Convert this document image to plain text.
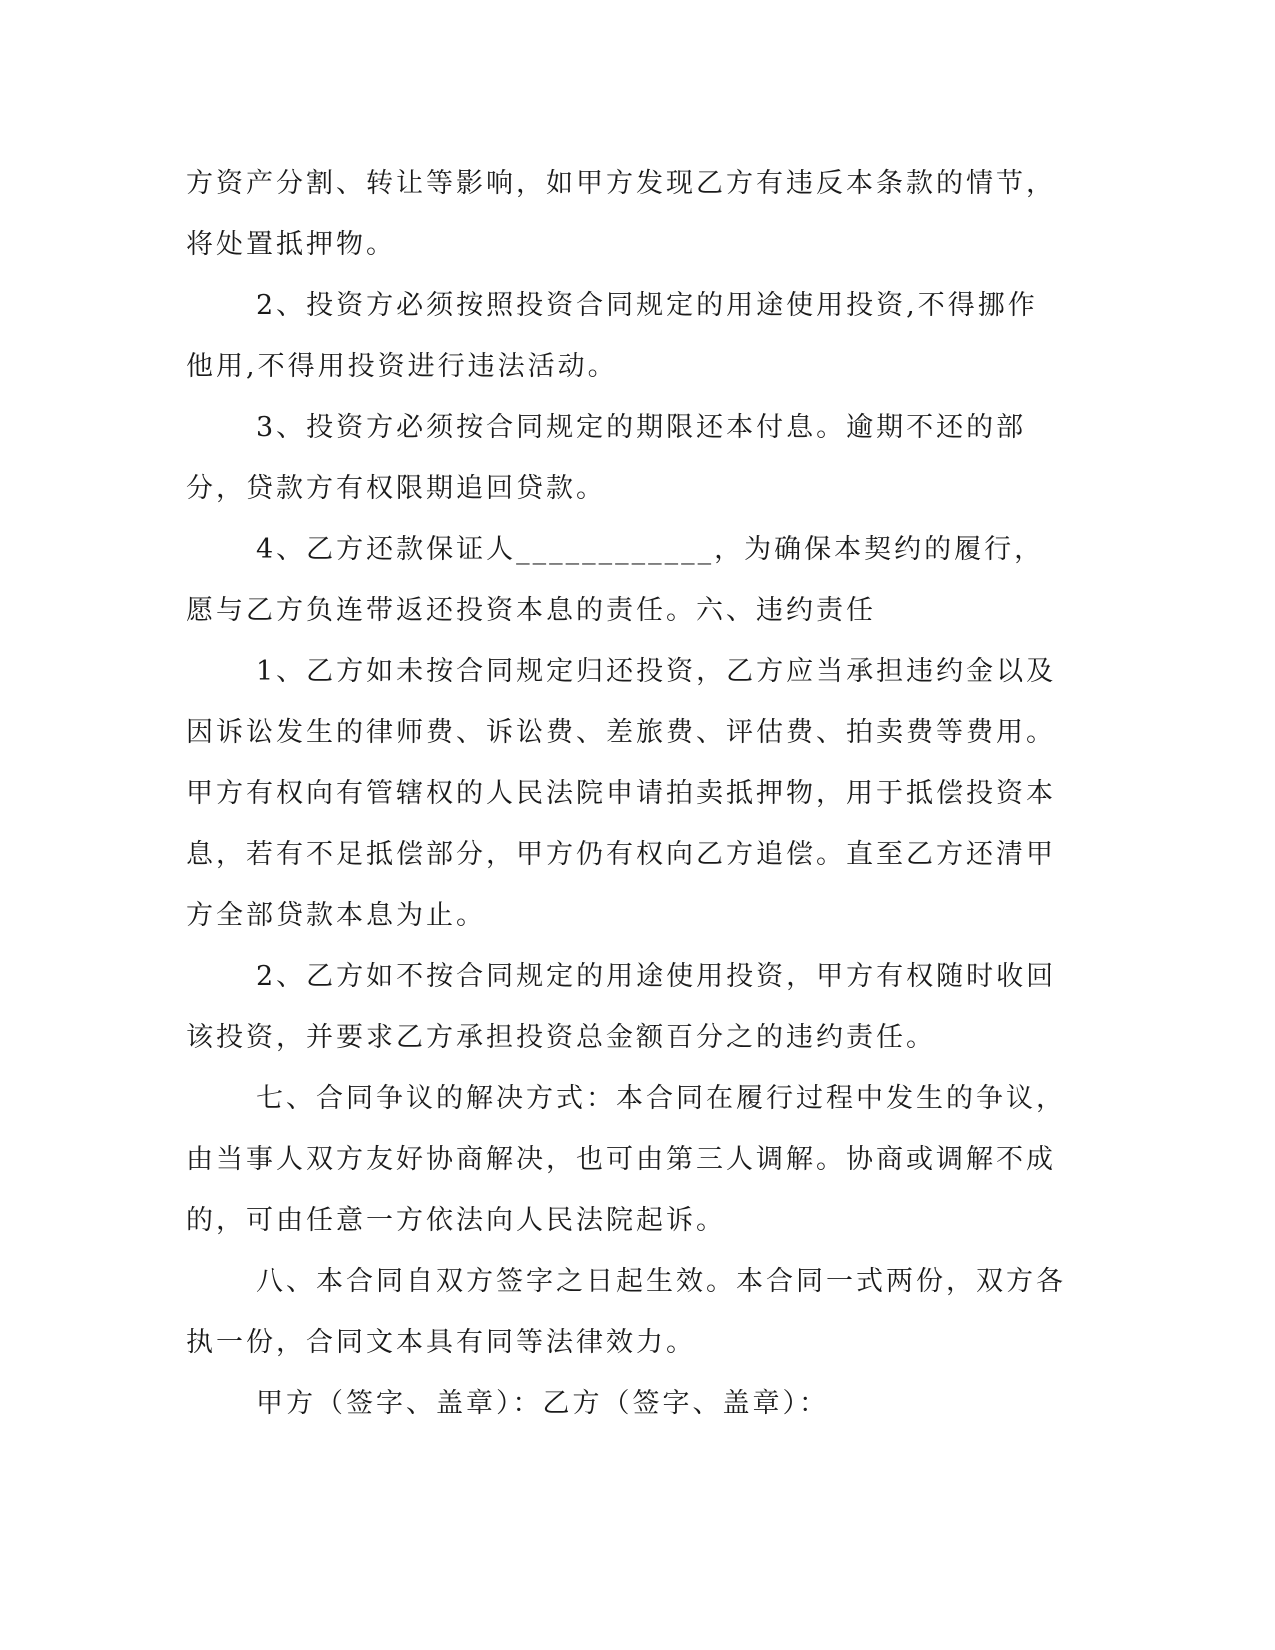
方资产分割、转让等影响，如甲方发现乙方有违反本条款的情节，将处置抵押物。

2、投资方必须按照投资合同规定的用途使用投资,不得挪作他用,不得用投资进行违法活动。

3、投资方必须按合同规定的期限还本付息。逾期不还的部分，贷款方有权限期追回贷款。

4、乙方还款保证人____________，为确保本契约的履行，愿与乙方负连带返还投资本息的责任。六、违约责任

1、乙方如未按合同规定归还投资，乙方应当承担违约金以及因诉讼发生的律师费、诉讼费、差旅费、评估费、拍卖费等费用。甲方有权向有管辖权的人民法院申请拍卖抵押物，用于抵偿投资本息，若有不足抵偿部分，甲方仍有权向乙方追偿。直至乙方还清甲方全部贷款本息为止。

2、乙方如不按合同规定的用途使用投资，甲方有权随时收回该投资，并要求乙方承担投资总金额百分之的违约责任。

七、合同争议的解决方式：本合同在履行过程中发生的争议，由当事人双方友好协商解决，也可由第三人调解。协商或调解不成的，可由任意一方依法向人民法院起诉。

八、本合同自双方签字之日起生效。本合同一式两份，双方各执一份，合同文本具有同等法律效力。

甲方（签字、盖章）：乙方（签字、盖章）：
